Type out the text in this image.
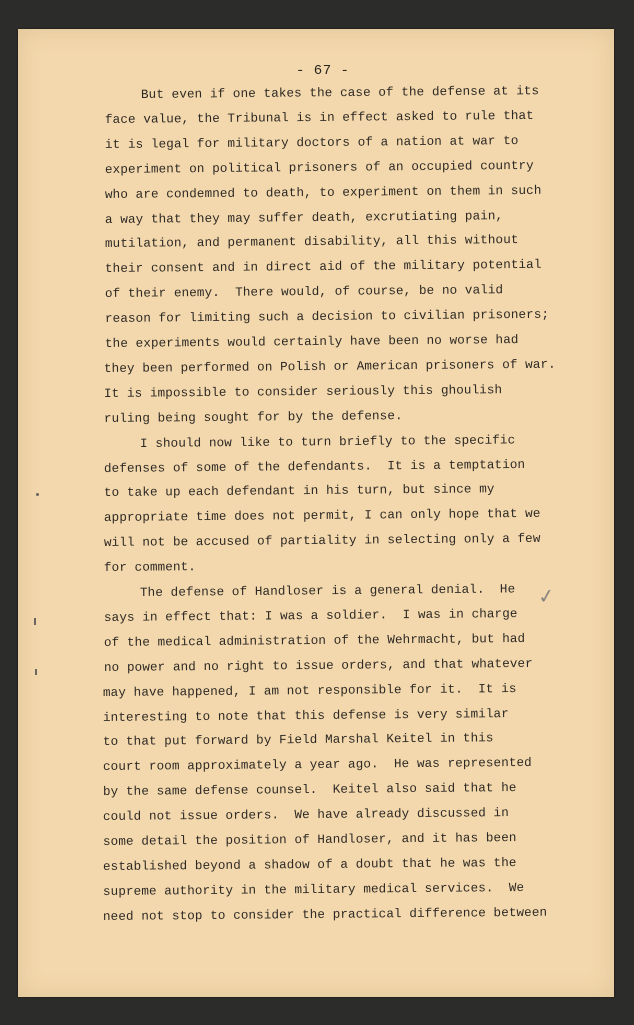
- 67 -
But even if one takes the case of the defense at its
face value, the Tribunal is in effect asked to rule that
it is legal for military doctors of a nation at war to
experiment on political prisoners of an occupied country
who are condemned to death, to experiment on them in such
a way that they may suffer death, excrutiating pain,
mutilation, and permanent disability, all this without
their consent and in direct aid of the military potential
of their enemy.  There would, of course, be no valid
reason for limiting such a decision to civilian prisoners;
the experiments would certainly have been no worse had
they been performed on Polish or American prisoners of war.
It is impossible to consider seriously this ghoulish
ruling being sought for by the defense.
I should now like to turn briefly to the specific
defenses of some of the defendants.  It is a temptation
to take up each defendant in his turn, but since my
appropriate time does not permit, I can only hope that we
will not be accused of partiality in selecting only a few
for comment.
The defense of Handloser is a general denial.  He
says in effect that: I was a soldier.  I was in charge
of the medical administration of the Wehrmacht, but had
no power and no right to issue orders, and that whatever
may have happened, I am not responsible for it.  It is
interesting to note that this defense is very similar
to that put forward by Field Marshal Keitel in this
court room approximately a year ago.  He was represented
by the same defense counsel.  Keitel also said that he
could not issue orders.  We have already discussed in
some detail the position of Handloser, and it has been
established beyond a shadow of a doubt that he was the
supreme authority in the military medical services.  We
need not stop to consider the practical difference between
✓
